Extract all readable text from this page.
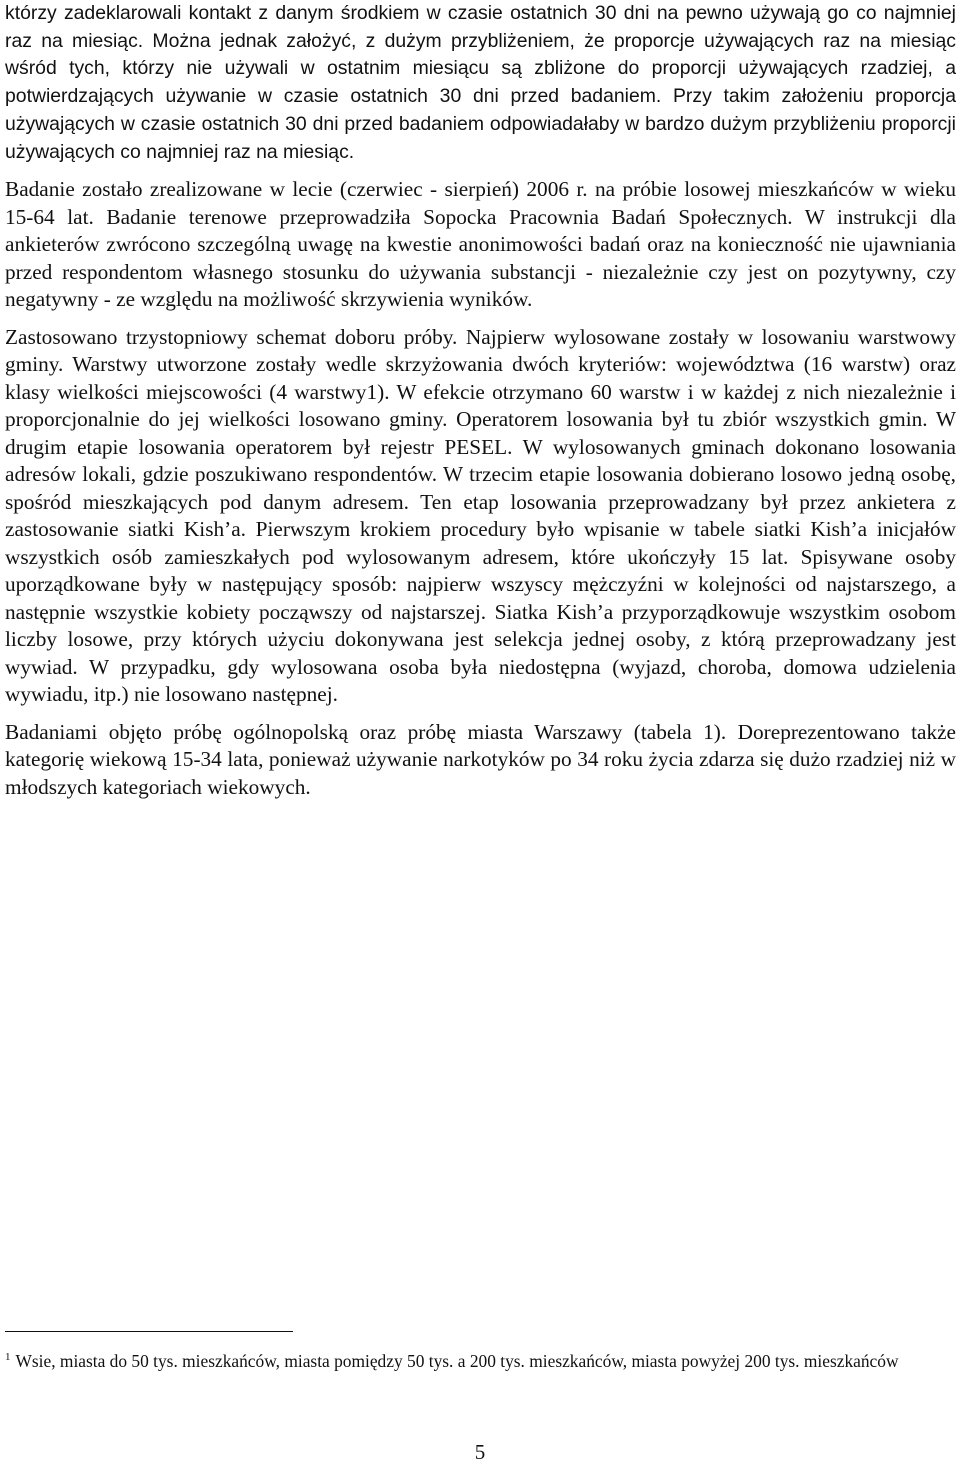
którzy zadeklarowali kontakt z danym środkiem w czasie ostatnich 30 dni na pewno używają go co najmniej raz na miesiąc. Można jednak założyć, z dużym przybliżeniem, że proporcje używających raz na miesiąc wśród tych, którzy nie używali w ostatnim miesiącu są zbliżone do proporcji używających rzadziej, a potwierdzających używanie w czasie ostatnich 30 dni przed badaniem. Przy takim założeniu proporcja używających w czasie ostatnich 30 dni przed badaniem odpowiadałaby w bardzo dużym przybliżeniu proporcji używających co najmniej raz na miesiąc.

Badanie zostało zrealizowane w lecie (czerwiec - sierpień) 2006 r. na próbie losowej mieszkańców w wieku 15-64 lat. Badanie terenowe przeprowadziła Sopocka Pracownia Badań Społecznych. W instrukcji dla ankieterów zwrócono szczególną uwagę na kwestie anonimowości badań oraz na konieczność nie ujawniania przed respondentom własnego stosunku do używania substancji - niezależnie czy jest on pozytywny, czy negatywny - ze względu na możliwość skrzywienia wyników.

Zastosowano trzystopniowy schemat doboru próby. Najpierw wylosowane zostały w losowaniu warstwowy gminy. Warstwy utworzone zostały wedle skrzyżowania dwóch kryteriów: województwa (16 warstw) oraz klasy wielkości miejscowości (4 warstwy1). W efekcie otrzymano 60 warstw i w każdej z nich niezależnie i proporcjonalnie do jej wielkości losowano gminy. Operatorem losowania był tu zbiór wszystkich gmin. W drugim etapie losowania operatorem był rejestr PESEL. W wylosowanych gminach dokonano losowania adresów lokali, gdzie poszukiwano respondentów. W trzecim etapie losowania dobierano losowo jedną osobę, spośród mieszkających pod danym adresem. Ten etap losowania przeprowadzany był przez ankietera z zastosowanie siatki Kish’a. Pierwszym krokiem procedury było wpisanie w tabele siatki Kish’a inicjałów wszystkich osób zamieszkałych pod wylosowanym adresem, które ukończyły 15 lat. Spisywane osoby uporządkowane były w następujący sposób: najpierw wszyscy mężczyźni w kolejności od najstarszego, a następnie wszystkie kobiety począwszy od najstarszej. Siatka Kish’a przyporządkowuje wszystkim osobom liczby losowe, przy których użyciu dokonywana jest selekcja jednej osoby, z którą przeprowadzany jest wywiad. W przypadku, gdy wylosowana osoba była niedostępna (wyjazd, choroba, domowa udzielenia wywiadu, itp.) nie losowano następnej.

Badaniami objęto próbę ogólnopolską oraz próbę miasta Warszawy (tabela 1). Doreprezentowano także kategorię wiekową 15-34 lata, ponieważ używanie narkotyków po 34 roku życia zdarza się dużo rzadziej niż w młodszych kategoriach wiekowych.

$^1$ Wsie, miasta do 50 tys. mieszkańców, miasta pomiędzy 50 tys. a 200 tys. mieszkańców, miasta powyżej 200 tys. mieszkańców
5
